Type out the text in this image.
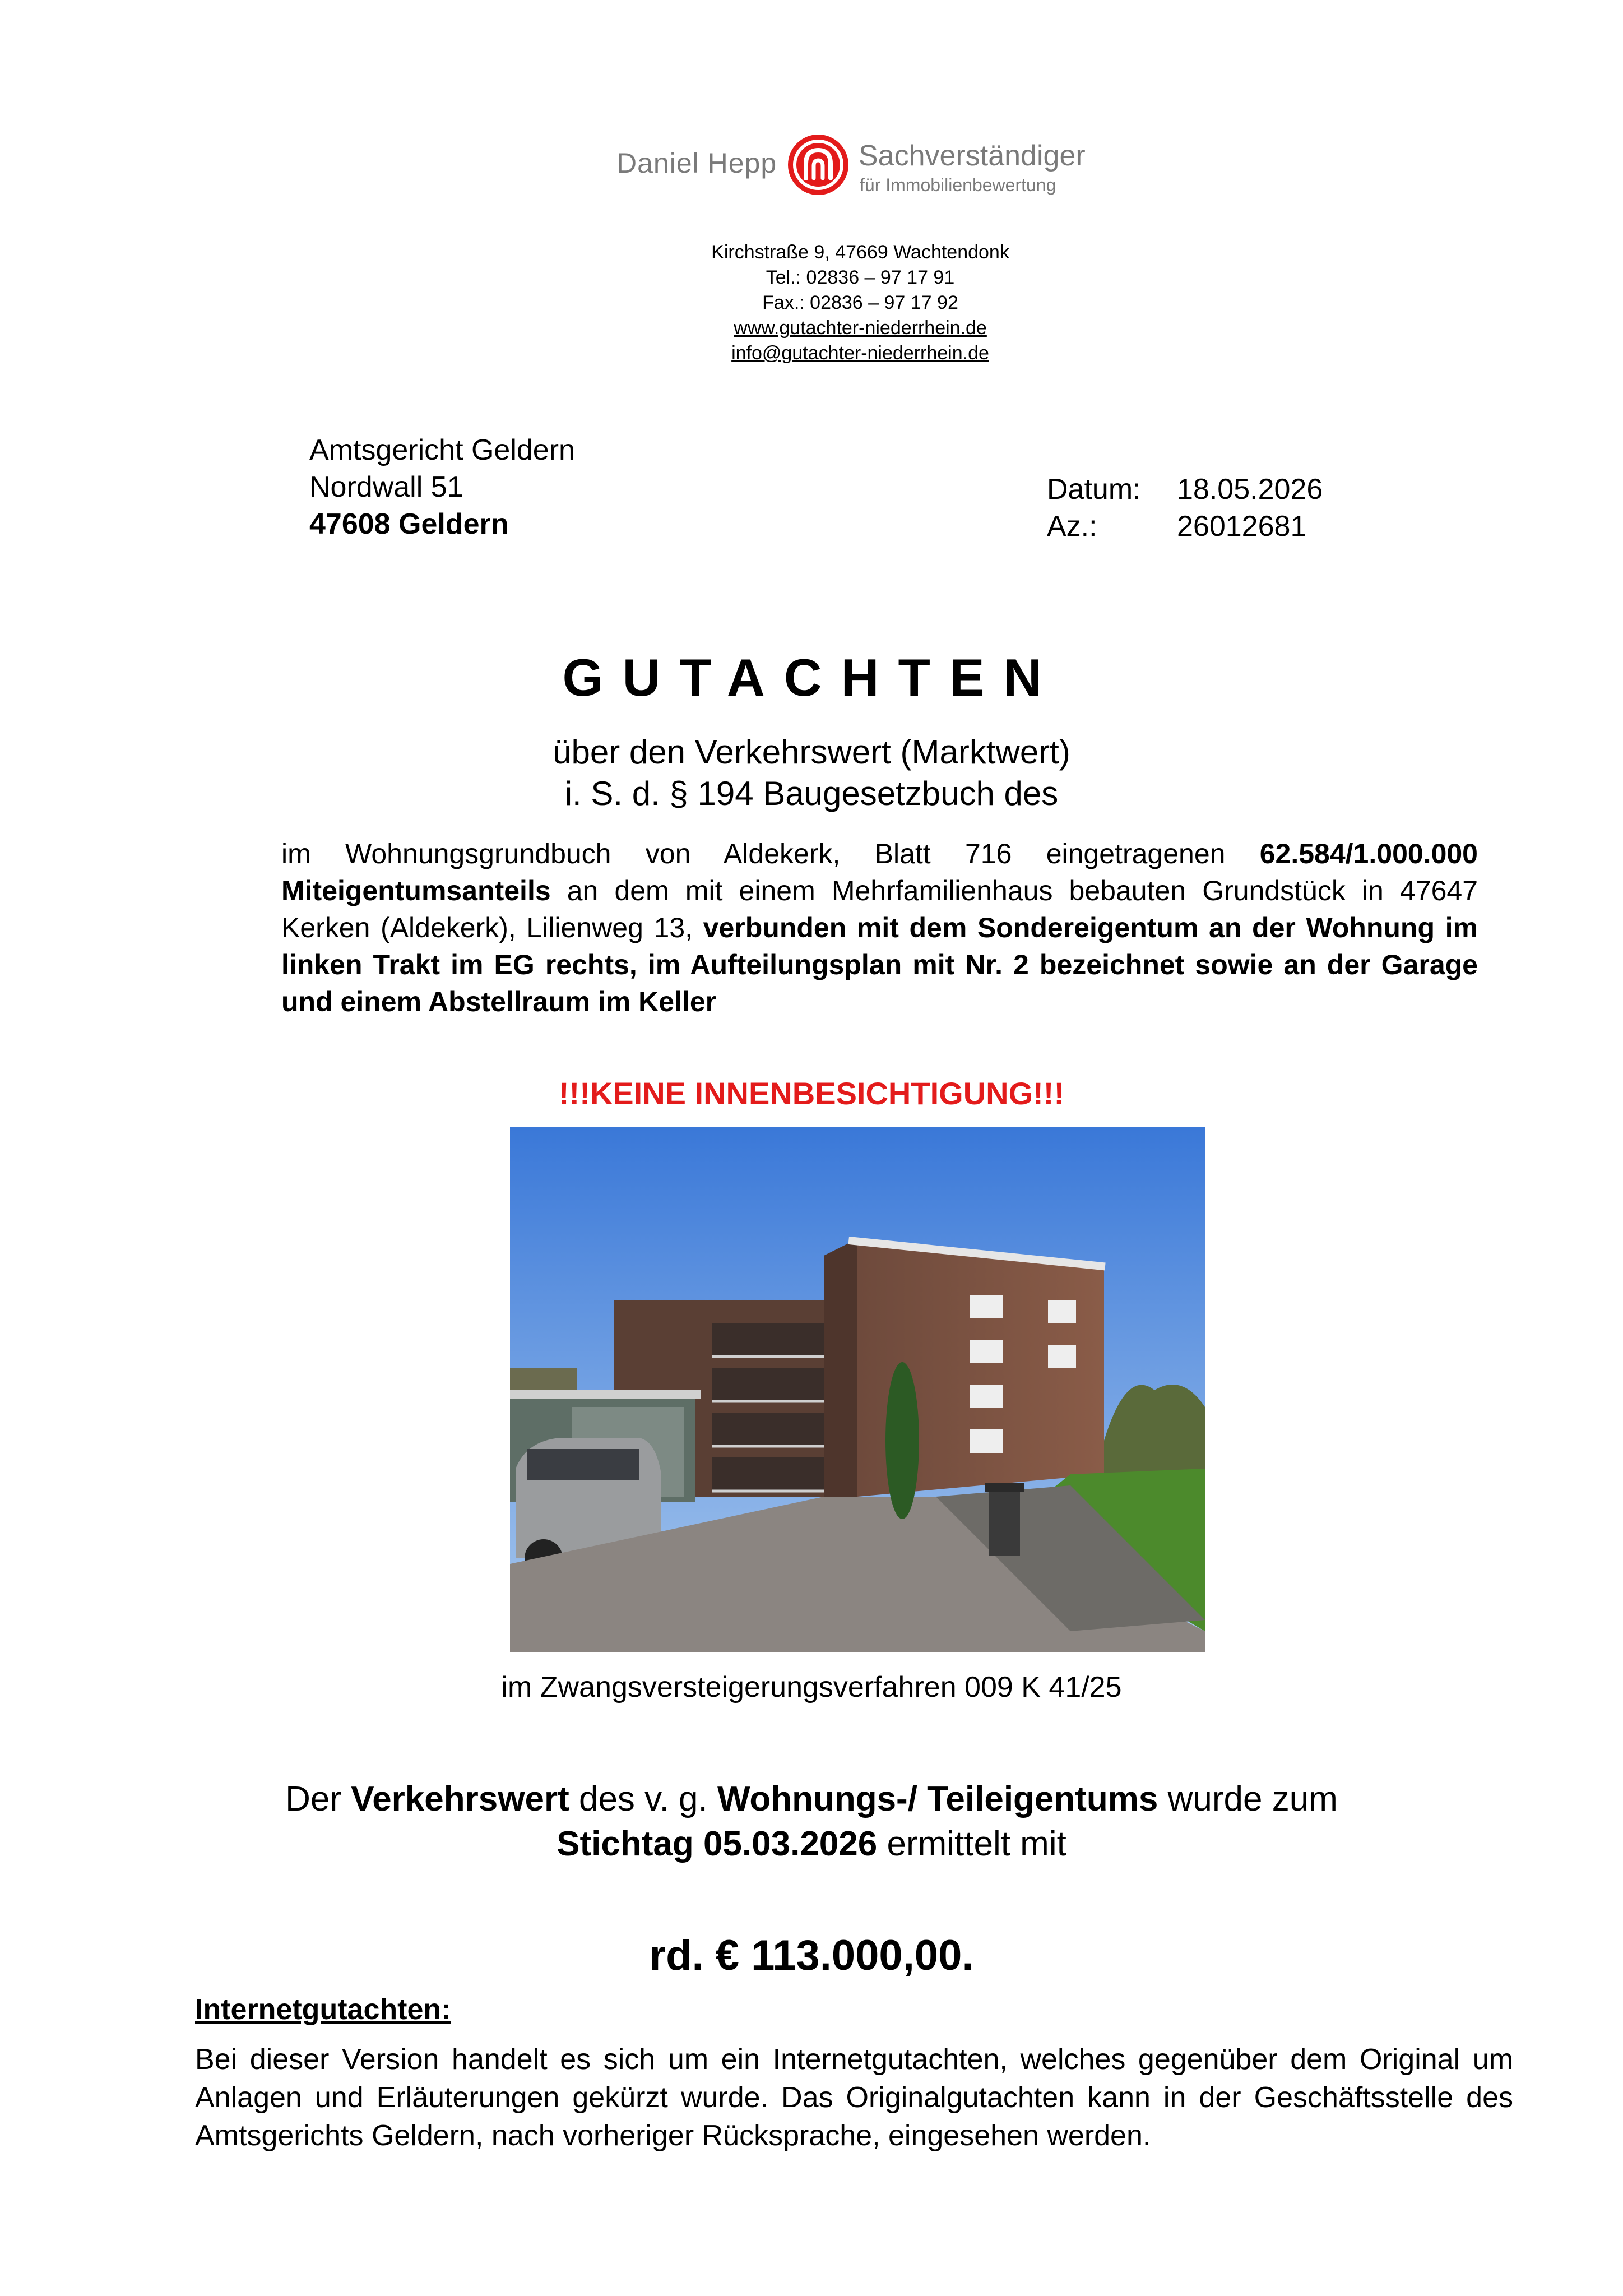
Daniel Hepp	Sachverständiger
für Immobilienbewertung
Kirchstraße 9, 47669 Wachtendonk
Tel.: 02836 – 97 17 91
Fax.: 02836 – 97 17 92
www.gutachter-niederrhein.de
info@gutachter-niederrhein.de
Amtsgericht Geldern
Nordwall 51
47608 Geldern
Datum:	18.05.2026
Az.:	26012681
GUTACHTEN
über den Verkehrswert (Marktwert)
i. S. d. § 194 Baugesetzbuch des
im Wohnungsgrundbuch von Aldekerk, Blatt 716 eingetragenen 62.584/1.000.000 Miteigentumsanteils an dem mit einem Mehrfamilienhaus bebauten Grundstück in 47647 Kerken (Aldekerk), Lilienweg 13, verbunden mit dem Sondereigentum an der Wohnung im linken Trakt im EG rechts, im Aufteilungsplan mit Nr. 2 bezeichnet sowie an der Garage und einem Abstellraum im Keller
!!!KEINE INNENBESICHTIGUNG!!!
im Zwangsversteigerungsverfahren 009 K 41/25
Der Verkehrswert des v. g. Wohnungs-/ Teileigentums wurde zum
Stichtag 05.03.2026 ermittelt mit
rd. € 113.000,00.
Internetgutachten:
Bei dieser Version handelt es sich um ein Internetgutachten, welches gegenüber dem Original um Anlagen und Erläuterungen gekürzt wurde. Das Originalgutachten kann in der Geschäftsstelle des Amtsgerichts Geldern, nach vorheriger Rücksprache, eingesehen werden.
